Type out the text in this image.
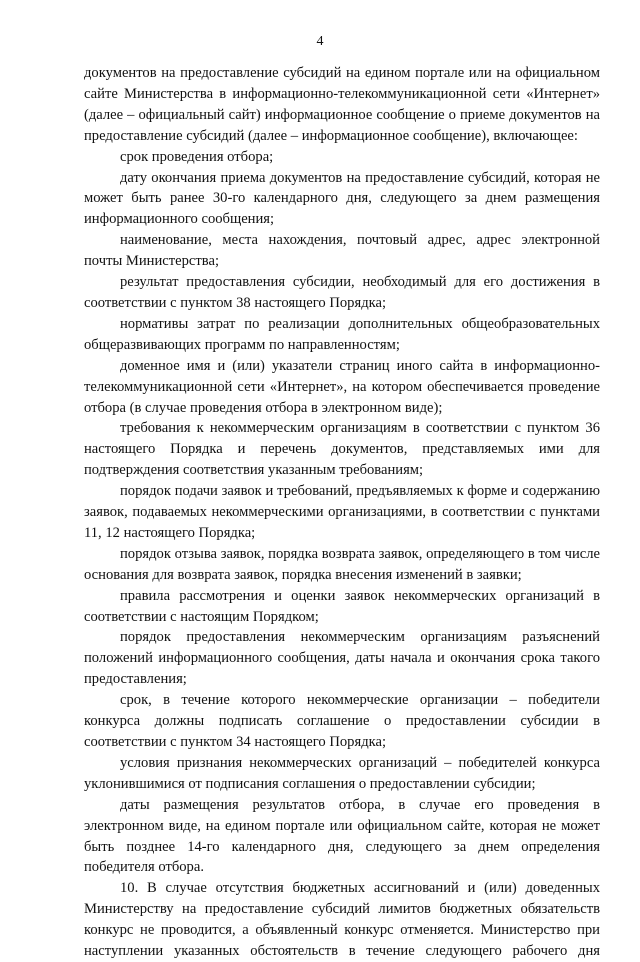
4

документов на предоставление субсидий на едином портале или на официальном сайте Министерства в информационно-телекоммуникационной сети «Интернет» (далее – официальный сайт) информационное сообщение о приеме документов на предоставление субсидий (далее – информационное сообщение), включающее:

срок проведения отбора;

дату окончания приема документов на предоставление субсидий, которая не может быть ранее 30-го календарного дня, следующего за днем размещения информационного сообщения;

наименование, места нахождения, почтовый адрес, адрес электронной почты Министерства;

результат предоставления субсидии, необходимый для его достижения в соответствии с пунктом 38 настоящего Порядка;

нормативы затрат по реализации дополнительных общеобразовательных общеразвивающих программ по направленностям;

доменное имя и (или) указатели страниц иного сайта в информационно-телекоммуникационной сети «Интернет», на котором обеспечивается проведение отбора (в случае проведения отбора в электронном виде);

требования к некоммерческим организациям в соответствии с пунктом 36 настоящего Порядка и перечень документов, представляемых ими для подтверждения соответствия указанным требованиям;

порядок подачи заявок и требований, предъявляемых к форме и содержанию заявок, подаваемых некоммерческими организациями, в соответствии с пунктами 11, 12 настоящего Порядка;

порядок отзыва заявок, порядка возврата заявок, определяющего в том числе основания для возврата заявок, порядка внесения изменений в заявки;

правила рассмотрения и оценки заявок некоммерческих организаций в соответствии с настоящим Порядком;

порядок предоставления некоммерческим организациям разъяснений положений информационного сообщения, даты начала и окончания срока такого предоставления;

срок, в течение которого некоммерческие организации – победители конкурса должны подписать соглашение о предоставлении субсидии в соответствии с пунктом 34 настоящего Порядка;

условия признания некоммерческих организаций – победителей конкурса уклонившимися от подписания соглашения о предоставлении субсидии;

даты размещения результатов отбора, в случае его проведения в электронном виде, на едином портале или официальном сайте, которая не может быть позднее 14-го календарного дня, следующего за днем определения победителя отбора.

10. В случае отсутствия бюджетных ассигнований и (или) доведенных Министерству на предоставление субсидий лимитов бюджетных обязательств конкурс не проводится, а объявленный конкурс отменяется. Министерство при наступлении указанных обстоятельств в течение следующего рабочего дня
